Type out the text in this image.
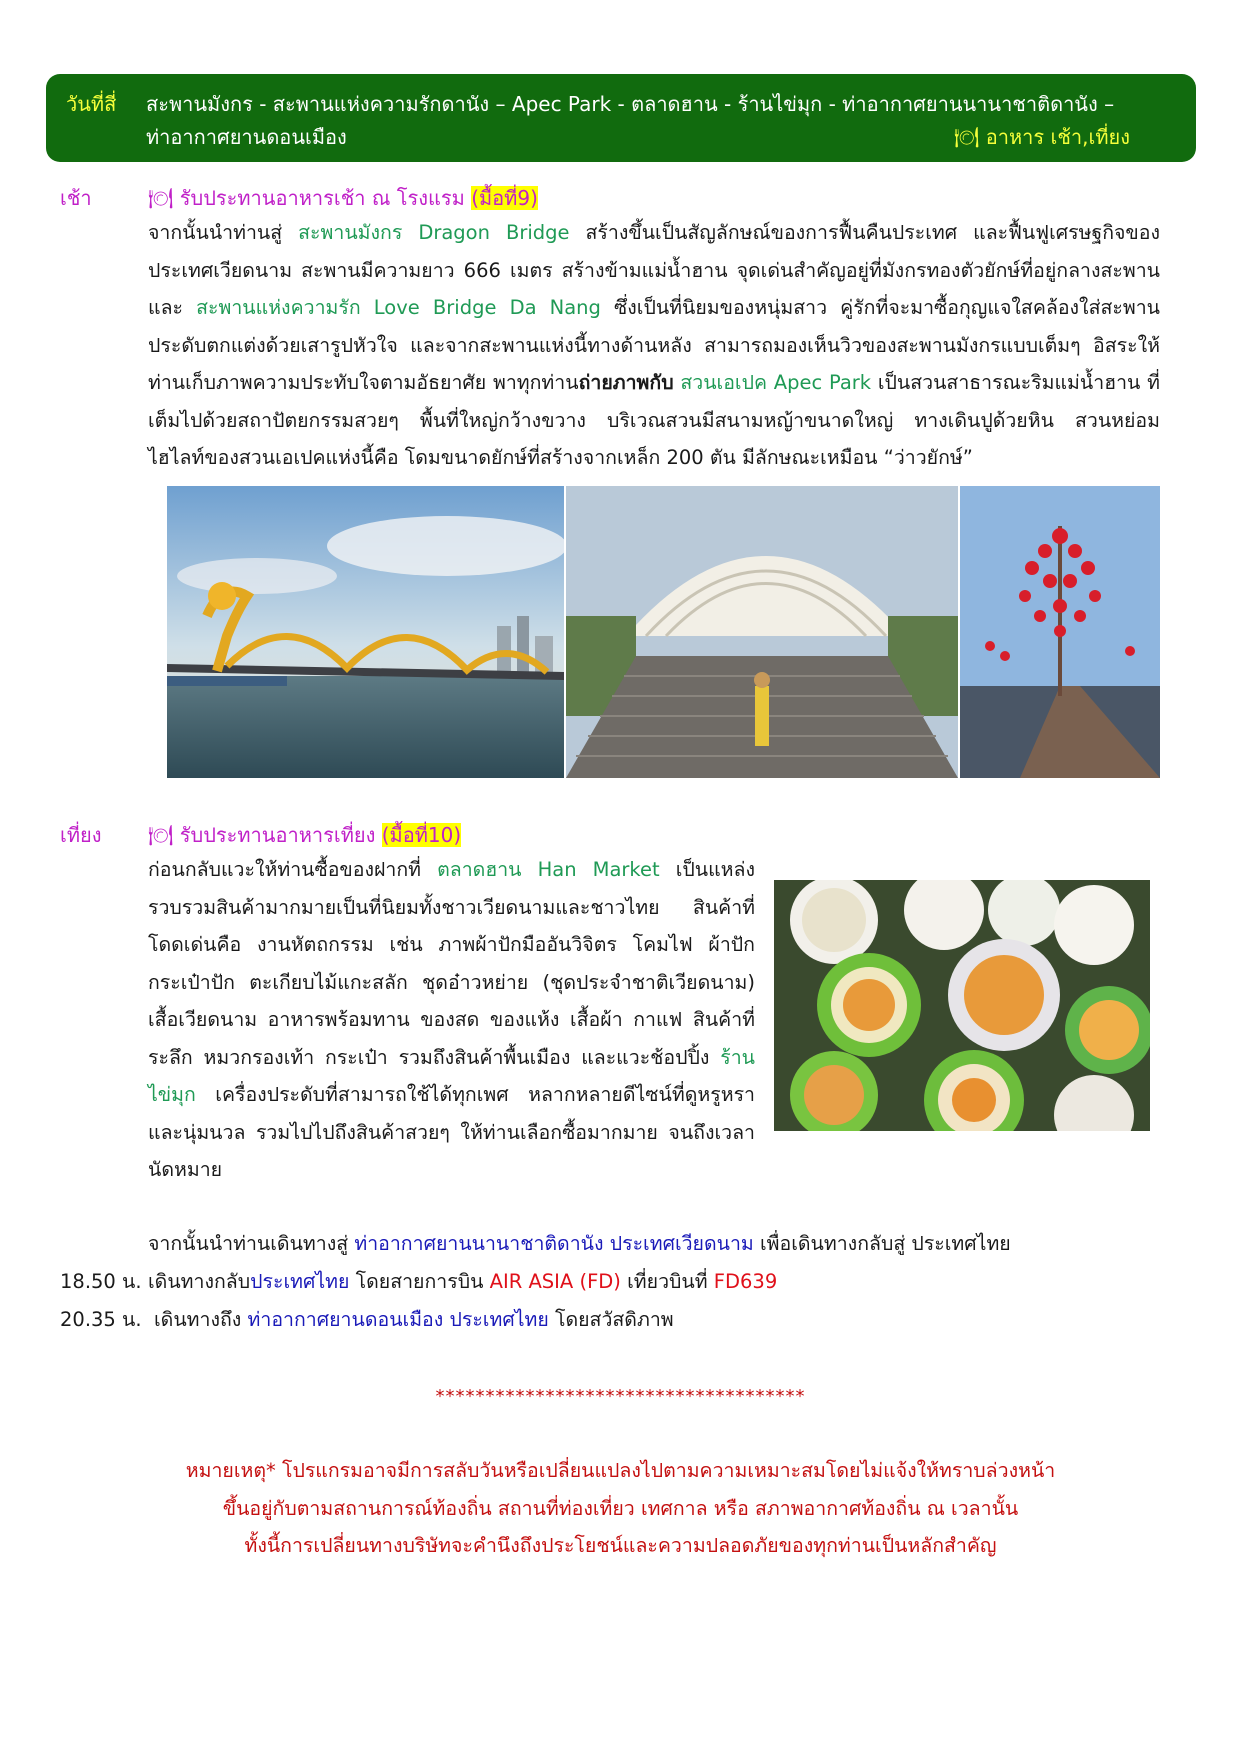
วันที่สี่ สะพานมังกร - สะพานแห่งความรักดานัง – Apec Park - ตลาดฮาน - ร้านไข่มุก - ท่าอากาศยานนานาชาติดานัง –
ท่าอากาศยานดอนเมือง	🍽 อาหาร เช้า,เที่ยง
เช้า	🍽 รับประทานอาหารเช้า ณ โรงแรม (มื้อที่9)
จากนั้นนำท่านสู่ สะพานมังกร Dragon Bridge สร้างขึ้นเป็นสัญลักษณ์ของการฟื้นคืนประเทศ และฟื้นฟูเศรษฐกิจของประเทศเวียดนาม สะพานมีความยาว 666 เมตร สร้างข้ามแม่น้ำฮาน จุดเด่นสำคัญอยู่ที่มังกรทองตัวยักษ์ที่อยู่กลางสะพาน และ สะพานแห่งความรัก Love Bridge Da Nang ซึ่งเป็นที่นิยมของหนุ่มสาว คู่รักที่จะมาซื้อกุญแจใสคล้องใส่สะพาน ประดับตกแต่งด้วยเสารูปหัวใจ และจากสะพานแห่งนี้ทางด้านหลัง สามารถมองเห็นวิวของสะพานมังกรแบบเต็มๆ อิสระให้ท่านเก็บภาพความประทับใจตามอัธยาศัย พาทุกท่านถ่ายภาพกับ สวนเอเปค Apec Park เป็นสวนสาธารณะริมแม่น้ำฮาน ที่เต็มไปด้วยสถาปัตยกรรมสวยๆ พื้นที่ใหญ่กว้างขวาง บริเวณสวนมีสนามหญ้าขนาดใหญ่ ทางเดินปูด้วยหิน สวนหย่อม ไฮไลท์ของสวนเอเปคแห่งนี้คือ โดมขนาดยักษ์ที่สร้างจากเหล็ก 200 ตัน มีลักษณะเหมือน “ว่าวยักษ์”
เที่ยง 🍽 รับประทานอาหารเที่ยง (มื้อที่10)
ก่อนกลับแวะให้ท่านซื้อของฝากที่ ตลาดฮาน Han Market เป็นแหล่งรวบรวมสินค้ามากมายเป็นที่นิยมทั้งชาวเวียดนามและชาวไทย สินค้าที่โดดเด่นคือ งานหัตถกรรม เช่น ภาพผ้าปักมืออันวิจิตร โคมไฟ ผ้าปักกระเป๋าปัก ตะเกียบไม้แกะสลัก ชุดอ๋าวหย่าย (ชุดประจำชาติเวียดนาม) เสื้อเวียดนาม อาหารพร้อมทาน ของสด ของแห้ง เสื้อผ้า กาแฟ สินค้าที่ระลึก หมวกรองเท้า กระเป๋า รวมถึงสินค้าพื้นเมือง และแวะช้อปปิ้ง ร้านไข่มุก เครื่องประดับที่สามารถใช้ได้ทุกเพศ หลากหลายดีไซน์ที่ดูหรูหราและนุ่มนวล รวมไปไปถึงสินค้าสวยๆ ให้ท่านเลือกซื้อมากมาย จนถึงเวลานัดหมาย
จากนั้นนำท่านเดินทางสู่ ท่าอากาศยานนานาชาติดานัง ประเทศเวียดนาม เพื่อเดินทางกลับสู่ ประเทศไทย
18.50 น. เดินทางกลับประเทศไทย โดยสายการบิน AIR ASIA (FD) เที่ยวบินที่ FD639
20.35 น. เดินทางถึง ท่าอากาศยานดอนเมือง ประเทศไทย โดยสวัสดิภาพ
*************************************
หมายเหตุ* โปรแกรมอาจมีการสลับวันหรือเปลี่ยนแปลงไปตามความเหมาะสมโดยไม่แจ้งให้ทราบล่วงหน้า
ขึ้นอยู่กับตามสถานการณ์ท้องถิ่น สถานที่ท่องเที่ยว เทศกาล หรือ สภาพอากาศท้องถิ่น ณ เวลานั้น
ทั้งนี้การเปลี่ยนทางบริษัทจะคำนึงถึงประโยชน์และความปลอดภัยของทุกท่านเป็นหลักสำคัญ
